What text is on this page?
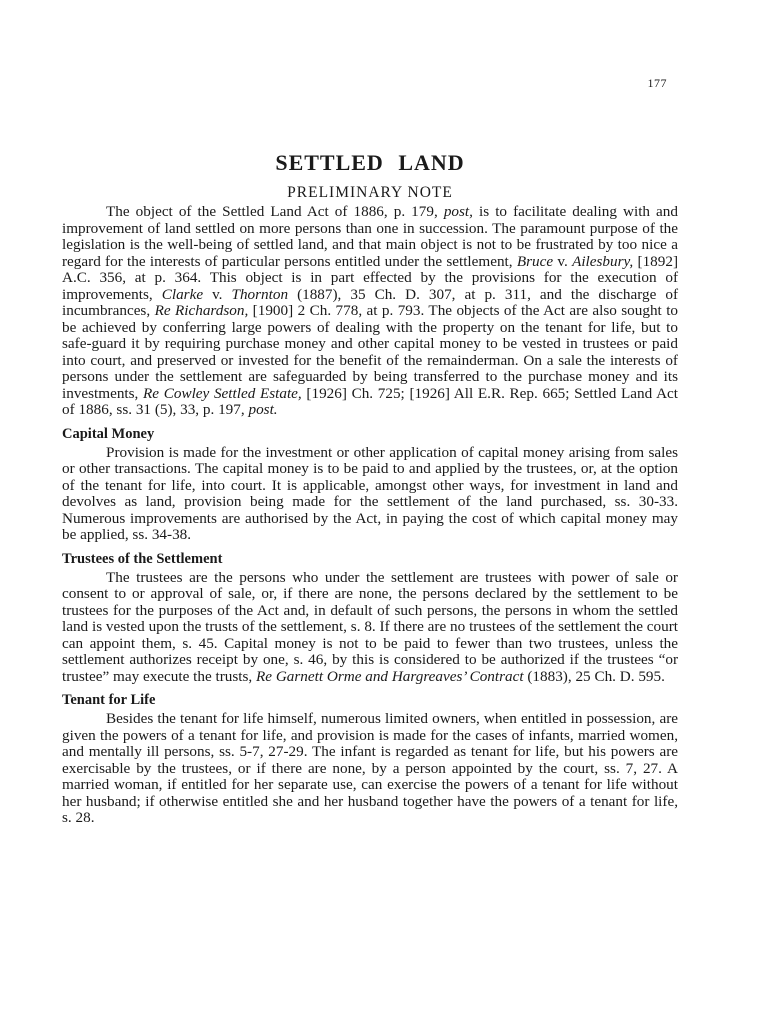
177
SETTLED LAND
PRELIMINARY NOTE

The object of the Settled Land Act of 1886, p. 179, post, is to facilitate dealing with and improvement of land settled on more persons than one in succession. The paramount purpose of the legislation is the well-being of settled land, and that main object is not to be frustrated by too nice a regard for the interests of particular persons entitled under the settlement, Bruce v. Ailesbury, [1892] A.C. 356, at p. 364. This object is in part effected by the provisions for the execution of improvements, Clarke v. Thornton (1887), 35 Ch. D. 307, at p. 311, and the discharge of incumbrances, Re Richardson, [1900] 2 Ch. 778, at p. 793. The objects of the Act are also sought to be achieved by conferring large powers of dealing with the property on the tenant for life, but to safe-guard it by requiring purchase money and other capital money to be vested in trustees or paid into court, and preserved or invested for the benefit of the remainderman. On a sale the interests of persons under the settlement are safeguarded by being transferred to the purchase money and its investments, Re Cowley Settled Estate, [1926] Ch. 725; [1926] All E.R. Rep. 665; Settled Land Act of 1886, ss. 31 (5), 33, p. 197, post.

Capital Money

Provision is made for the investment or other application of capital money arising from sales or other transactions. The capital money is to be paid to and applied by the trustees, or, at the option of the tenant for life, into court. It is applicable, amongst other ways, for investment in land and devolves as land, provision being made for the settlement of the land purchased, ss. 30-33. Numerous improvements are authorised by the Act, in paying the cost of which capital money may be applied, ss. 34-38.

Trustees of the Settlement

The trustees are the persons who under the settlement are trustees with power of sale or consent to or approval of sale, or, if there are none, the persons declared by the settlement to be trustees for the purposes of the Act and, in default of such persons, the persons in whom the settled land is vested upon the trusts of the settlement, s. 8. If there are no trustees of the settlement the court can appoint them, s. 45. Capital money is not to be paid to fewer than two trustees, unless the settlement authorizes receipt by one, s. 46, by this is considered to be authorized if the trustees “or trustee” may execute the trusts, Re Garnett Orme and Hargreaves’ Contract (1883), 25 Ch. D. 595.

Tenant for Life

Besides the tenant for life himself, numerous limited owners, when entitled in possession, are given the powers of a tenant for life, and provision is made for the cases of infants, married women, and mentally ill persons, ss. 5-7, 27-29. The infant is regarded as tenant for life, but his powers are exercisable by the trustees, or if there are none, by a person appointed by the court, ss. 7, 27. A married woman, if entitled for her separate use, can exercise the powers of a tenant for life without her husband; if otherwise entitled she and her husband together have the powers of a tenant for life, s. 28.
